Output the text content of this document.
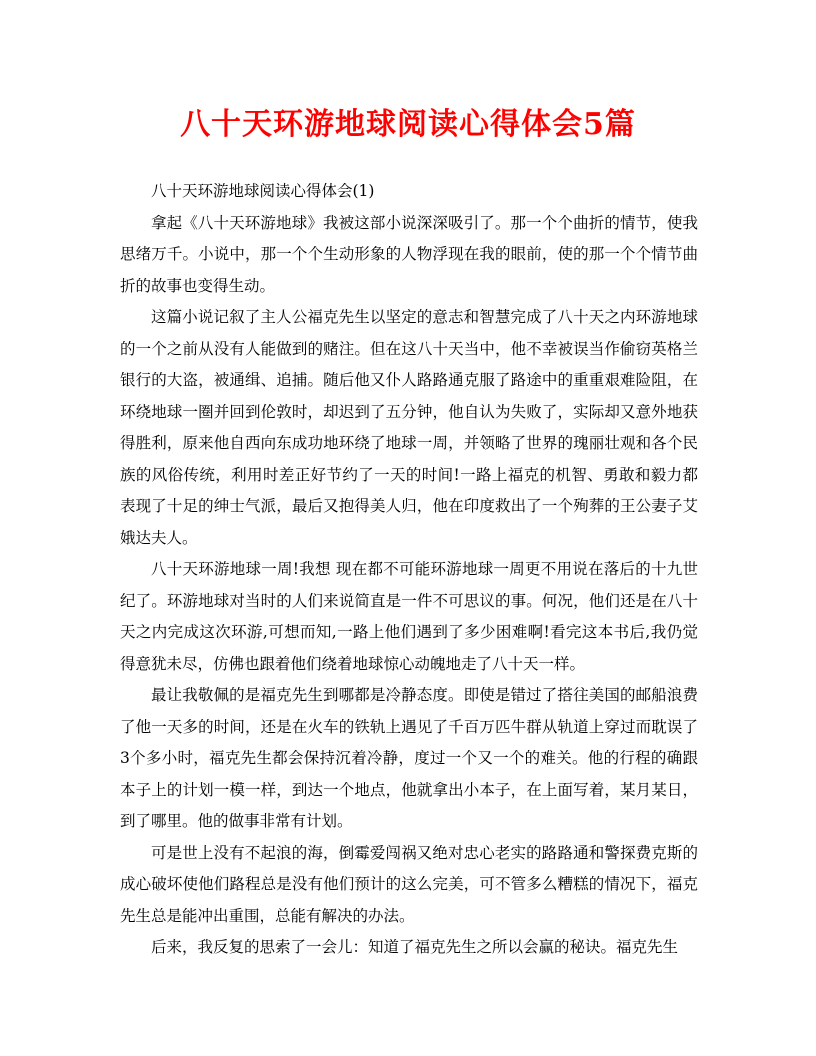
八十天环游地球阅读心得体会5篇
八十天环游地球阅读心得体会(1)

拿起《八十天环游地球》我被这部小说深深吸引了。那一个个曲折的情节，使我思绪万千。小说中，那一个个生动形象的人物浮现在我的眼前，使的那一个个情节曲折的故事也变得生动。

这篇小说记叙了主人公福克先生以坚定的意志和智慧完成了八十天之内环游地球的一个之前从没有人能做到的赌注。但在这八十天当中，他不幸被误当作偷窃英格兰银行的大盗，被通缉、追捕。随后他又仆人路路通克服了路途中的重重艰难险阻，在环绕地球一圈并回到伦敦时，却迟到了五分钟，他自认为失败了，实际却又意外地获得胜利，原来他自西向东成功地环绕了地球一周，并领略了世界的瑰丽壮观和各个民族的风俗传统，利用时差正好节约了一天的时间!一路上福克的机智、勇敢和毅力都表现了十足的绅士气派，最后又抱得美人归，他在印度救出了一个殉葬的王公妻子艾娥达夫人。

八十天环游地球一周!我想 现在都不可能环游地球一周更不用说在落后的十九世纪了。环游地球对当时的人们来说简直是一件不可思议的事。何况，他们还是在八十天之内完成这次环游,可想而知,一路上他们遇到了多少困难啊!看完这本书后,我仍觉得意犹未尽，仿佛也跟着他们绕着地球惊心动魄地走了八十天一样。

最让我敬佩的是福克先生到哪都是冷静态度。即使是错过了搭往美国的邮船浪费了他一天多的时间，还是在火车的铁轨上遇见了千百万匹牛群从轨道上穿过而耽误了 3个多小时，福克先生都会保持沉着冷静，度过一个又一个的难关。他的行程的确跟本子上的计划一模一样，到达一个地点，他就拿出小本子，在上面写着，某月某日，到了哪里。他的做事非常有计划。

可是世上没有不起浪的海，倒霉爱闯祸又绝对忠心老实的路路通和警探费克斯的成心破坏使他们路程总是没有他们预计的这么完美，可不管多么糟糕的情况下，福克先生总是能冲出重围，总能有解决的办法。

后来，我反复的思索了一会儿：知道了福克先生之所以会赢的秘诀。福克先生
